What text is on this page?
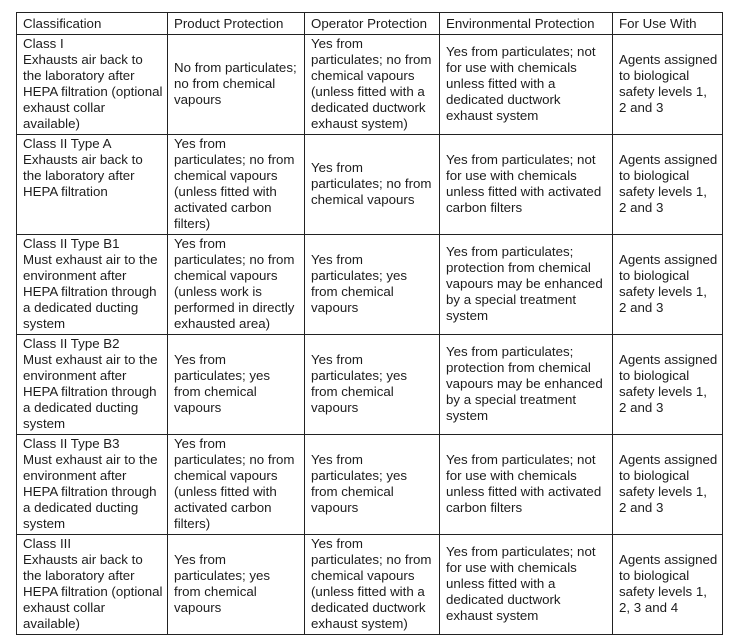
Classification	Product Protection	Operator Protection	Environmental Protection	For Use With

Class I
Exhausts air back to the laboratory after HEPA filtration (optional exhaust collar available)	No from particulates; no from chemical vapours	Yes from particulates; no from chemical vapours (unless fitted with a dedicated ductwork exhaust system)	Yes from particulates; not for use with chemicals unless fitted with a dedicated ductwork exhaust system	Agents assigned to biological safety levels 1, 2 and 3

Class II Type A
Exhausts air back to the laboratory after HEPA filtration	Yes from particulates; no from chemical vapours (unless fitted with activated carbon filters)	Yes from particulates; no from chemical vapours	Yes from particulates; not for use with chemicals unless fitted with activated carbon filters	Agents assigned to biological safety levels 1, 2 and 3

Class II Type B1
Must exhaust air to the environment after HEPA filtration through a dedicated ducting system	Yes from particulates; no from chemical vapours (unless work is performed in directly exhausted area)	Yes from particulates; yes from chemical vapours	Yes from particulates; protection from chemical vapours may be enhanced by a special treatment system	Agents assigned to biological safety levels 1, 2 and 3

Class II Type B2
Must exhaust air to the environment after HEPA filtration through a dedicated ducting system	Yes from particulates; yes from chemical vapours	Yes from particulates; yes from chemical vapours	Yes from particulates; protection from chemical vapours may be enhanced by a special treatment system	Agents assigned to biological safety levels 1, 2 and 3

Class II Type B3
Must exhaust air to the environment after HEPA filtration through a dedicated ducting system	Yes from particulates; no from chemical vapours (unless fitted with activated carbon filters)	Yes from particulates; yes from chemical vapours	Yes from particulates; not for use with chemicals unless fitted with activated carbon filters	Agents assigned to biological safety levels 1, 2 and 3

Class III
Exhausts air back to the laboratory after HEPA filtration (optional exhaust collar available)	Yes from particulates; yes from chemical vapours	Yes from particulates; no from chemical vapours (unless fitted with a dedicated ductwork exhaust system)	Yes from particulates; not for use with chemicals unless fitted with a dedicated ductwork exhaust system	Agents assigned to biological safety levels 1, 2, 3 and 4
